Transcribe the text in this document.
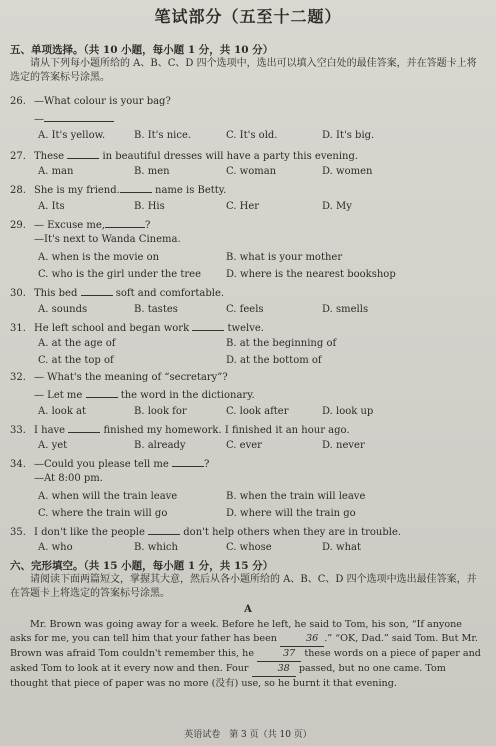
笔试部分（五至十二题）
五、单项选择。（共 10 小题，每小题 1 分，共 10 分）
请从下列每小题所给的 A、B、C、D 四个选项中，选出可以填入空白处的最佳答案，并在答题卡上将选定的答案标号涂黑。
26. —What colour is your bag?
—
A. It's yellow.	B. It's nice.	C. It's old.	D. It's big.
27. These	in beautiful dresses will have a party this evening.
A. man	B. men	C. woman	D. women
28. She is my friend.	name is Betty.
A. Its	B. His	C. Her	D. My
29. — Excuse me,	?
—It's next to Wanda Cinema.
A. when is the movie on	B. what is your mother
C. who is the girl under the tree D. where is the nearest bookshop
30. This bed	soft and comfortable.
A. sounds	B. tastes	C. feels	D. smells
31. He left school and began work	twelve.
A. at the age of	B. at the beginning of
C. at the top of	D. at the bottom of
32. — What's the meaning of “secretary”?
— Let me	the word in the dictionary.
A. look at	B. look for	C. look after	D. look up
33. I have	finished my homework. I finished it an hour ago.
A. yet	B. already	C. ever	D. never
34. —Could you please tell me	?
—At 8:00 pm.
A. when will the train leave	B. when the train will leave
C. where the train will go	D. where will the train go
35. I don't like the people	don't help others when they are in trouble.
A. who	B. which	C. whose	D. what
六、完形填空。（共 15 小题，每小题 1 分，共 15 分）
请阅读下面两篇短文，掌握其大意，然后从各小题所给的 A、B、C、D 四个选项中选出最佳答案，并在答题卡上将选定的答案标号涂黑。
A
Mr. Brown was going away for a week. Before he left, he said to Tom, his son, “If anyone asks for me, you can tell him that your father has been	36 .” “OK, Dad.” said Tom. But Mr. Brown was afraid Tom couldn't remember this, he	37 these words on a piece of paper and asked Tom to look at it every now and then. Four	38 passed, but no one came. Tom thought that piece of paper was no more (没有) use, so he burnt it that evening.
英语试卷　第 3 页（共 10 页）
